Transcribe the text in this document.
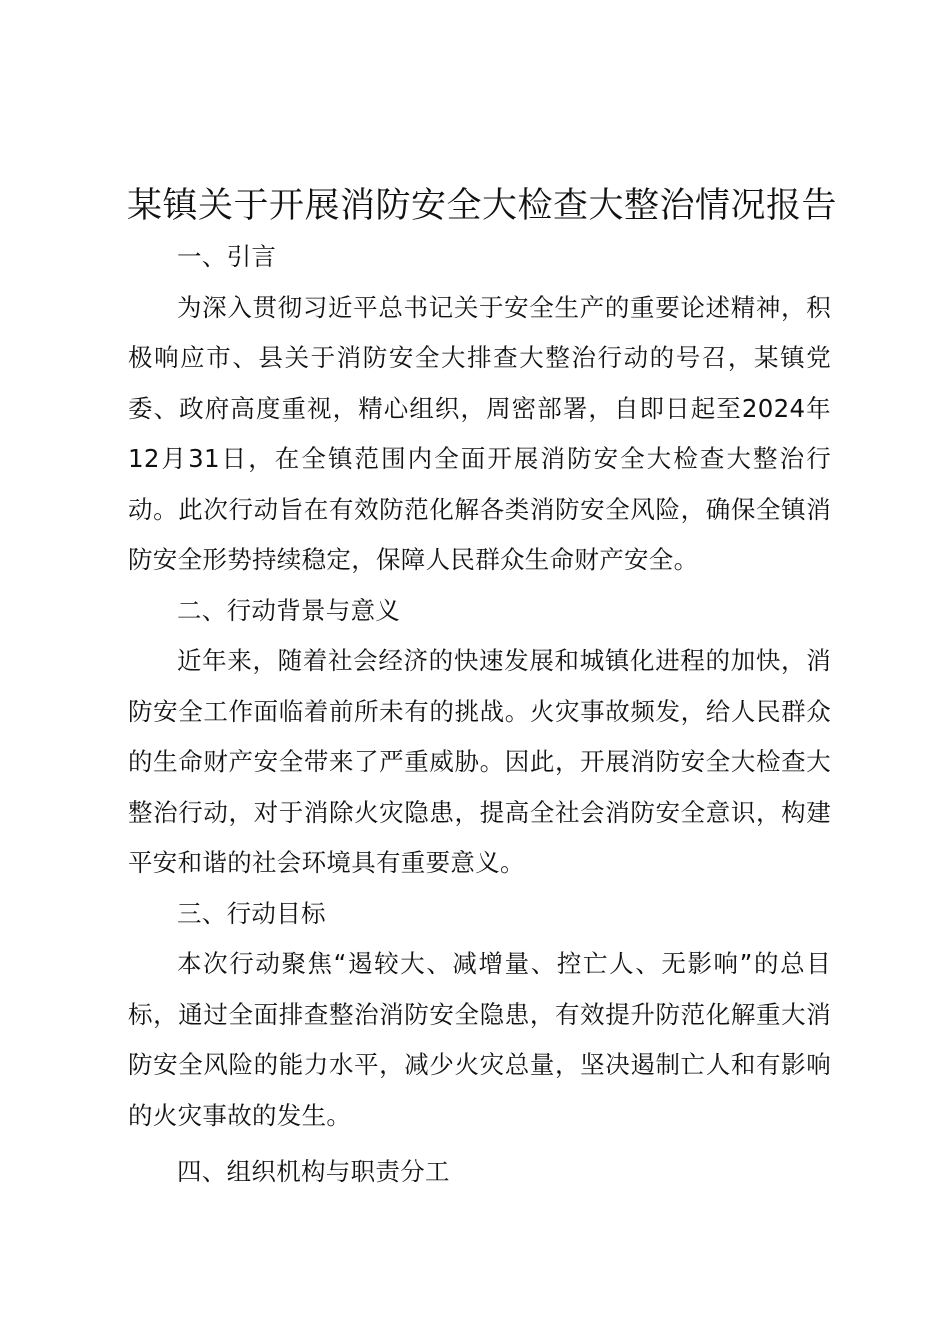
某镇关于开展消防安全大检查大整治情况报告
一、引言

为深入贯彻习近平总书记关于安全生产的重要论述精神，积极响应市、县关于消防安全大排查大整治行动的号召，某镇党委、政府高度重视，精心组织，周密部署，自即日起至2024年12月31日，在全镇范围内全面开展消防安全大检查大整治行动。此次行动旨在有效防范化解各类消防安全风险，确保全镇消防安全形势持续稳定，保障人民群众生命财产安全。

二、行动背景与意义

近年来，随着社会经济的快速发展和城镇化进程的加快，消防安全工作面临着前所未有的挑战。火灾事故频发，给人民群众的生命财产安全带来了严重威胁。因此，开展消防安全大检查大整治行动，对于消除火灾隐患，提高全社会消防安全意识，构建平安和谐的社会环境具有重要意义。

三、行动目标

本次行动聚焦“遏较大、减增量、控亡人、无影响”的总目标，通过全面排查整治消防安全隐患，有效提升防范化解重大消防安全风险的能力水平，减少火灾总量，坚决遏制亡人和有影响的火灾事故的发生。

四、组织机构与职责分工
